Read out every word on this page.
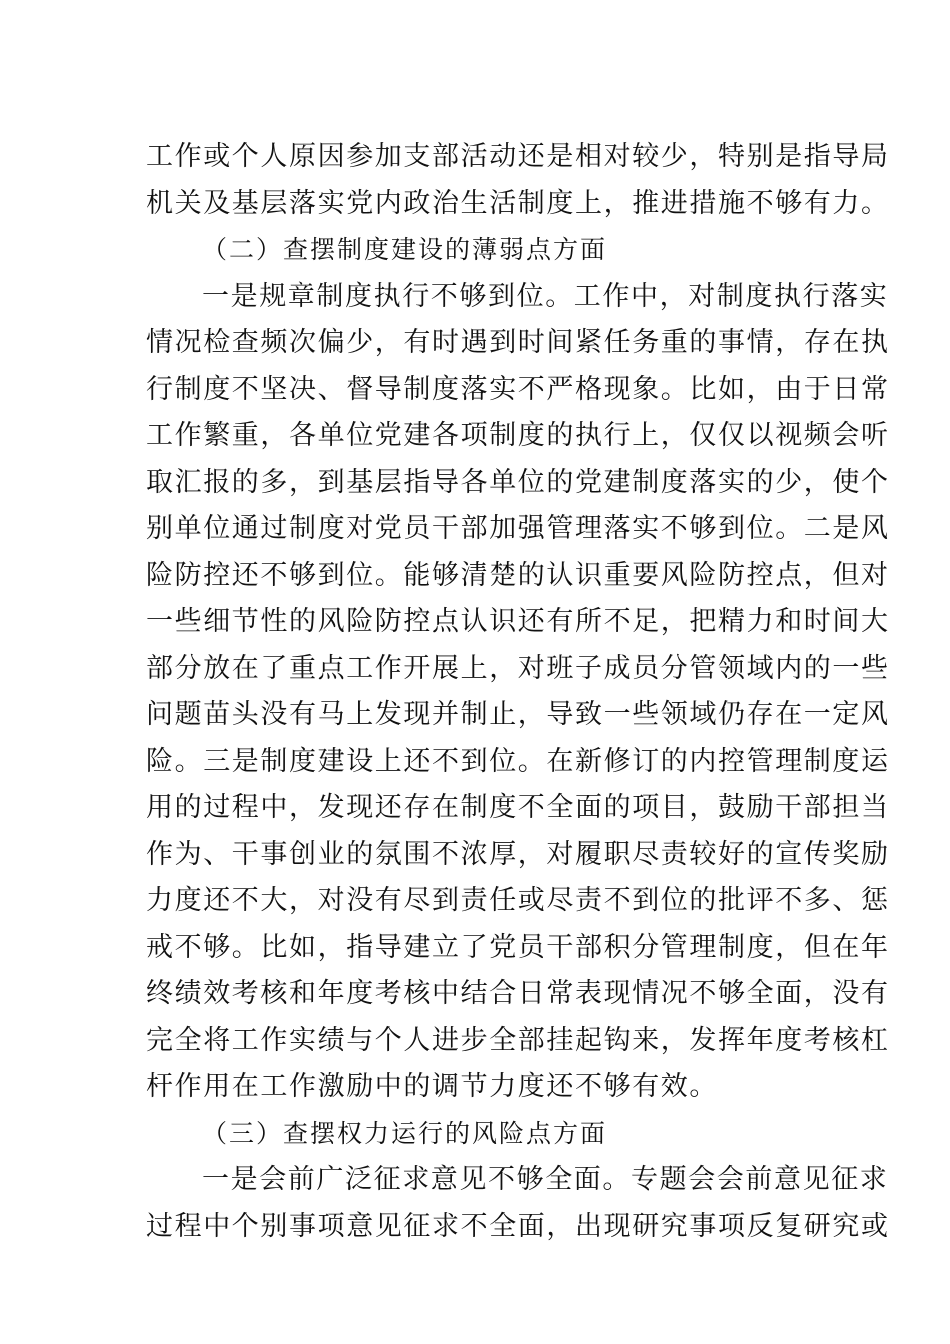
工作或个人原因参加支部活动还是相对较少，特别是指导局
机关及基层落实党内政治生活制度上，推进措施不够有力。
（二）查摆制度建设的薄弱点方面
一是规章制度执行不够到位。工作中，对制度执行落实
情况检查频次偏少，有时遇到时间紧任务重的事情，存在执
行制度不坚决、督导制度落实不严格现象。比如，由于日常
工作繁重，各单位党建各项制度的执行上，仅仅以视频会听
取汇报的多，到基层指导各单位的党建制度落实的少，使个
别单位通过制度对党员干部加强管理落实不够到位。二是风
险防控还不够到位。能够清楚的认识重要风险防控点，但对
一些细节性的风险防控点认识还有所不足，把精力和时间大
部分放在了重点工作开展上，对班子成员分管领域内的一些
问题苗头没有马上发现并制止，导致一些领域仍存在一定风
险。三是制度建设上还不到位。在新修订的内控管理制度运
用的过程中，发现还存在制度不全面的项目，鼓励干部担当
作为、干事创业的氛围不浓厚，对履职尽责较好的宣传奖励
力度还不大，对没有尽到责任或尽责不到位的批评不多、惩
戒不够。比如，指导建立了党员干部积分管理制度，但在年
终绩效考核和年度考核中结合日常表现情况不够全面，没有
完全将工作实绩与个人进步全部挂起钩来，发挥年度考核杠
杆作用在工作激励中的调节力度还不够有效。
（三）查摆权力运行的风险点方面
一是会前广泛征求意见不够全面。专题会会前意见征求
过程中个别事项意见征求不全面，出现研究事项反复研究或
